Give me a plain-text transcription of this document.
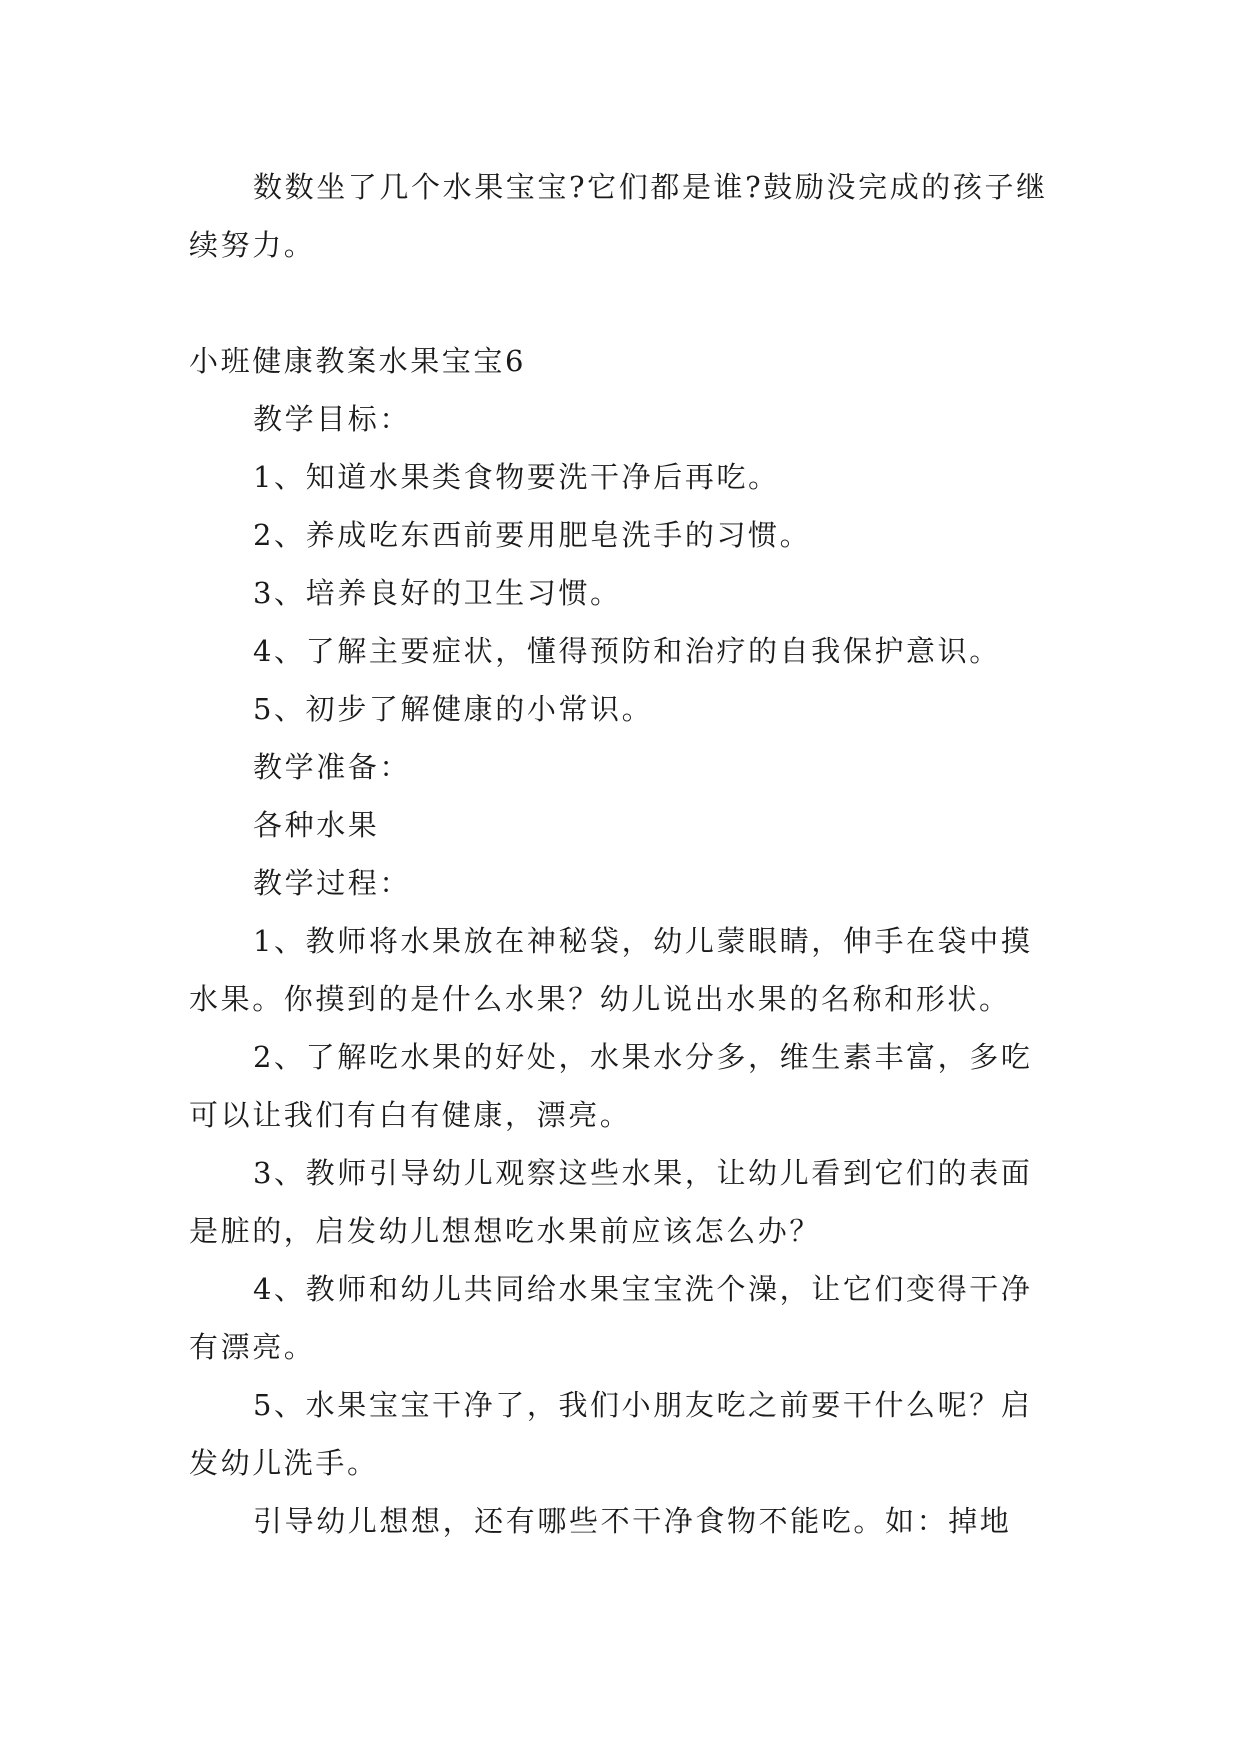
数数坐了几个水果宝宝?它们都是谁?鼓励没完成的孩子继续努力。

小班健康教案水果宝宝6

教学目标：

1、知道水果类食物要洗干净后再吃。

2、养成吃东西前要用肥皂洗手的习惯。

3、培养良好的卫生习惯。

4、了解主要症状，懂得预防和治疗的自我保护意识。

5、初步了解健康的小常识。

教学准备：

各种水果

教学过程：

1、教师将水果放在神秘袋，幼儿蒙眼睛，伸手在袋中摸水果。你摸到的是什么水果？幼儿说出水果的名称和形状。

2、了解吃水果的好处，水果水分多，维生素丰富，多吃可以让我们有白有健康，漂亮。

3、教师引导幼儿观察这些水果，让幼儿看到它们的表面是脏的，启发幼儿想想吃水果前应该怎么办？

4、教师和幼儿共同给水果宝宝洗个澡，让它们变得干净有漂亮。

5、水果宝宝干净了，我们小朋友吃之前要干什么呢？启发幼儿洗手。

引导幼儿想想，还有哪些不干净食物不能吃。如：掉地
